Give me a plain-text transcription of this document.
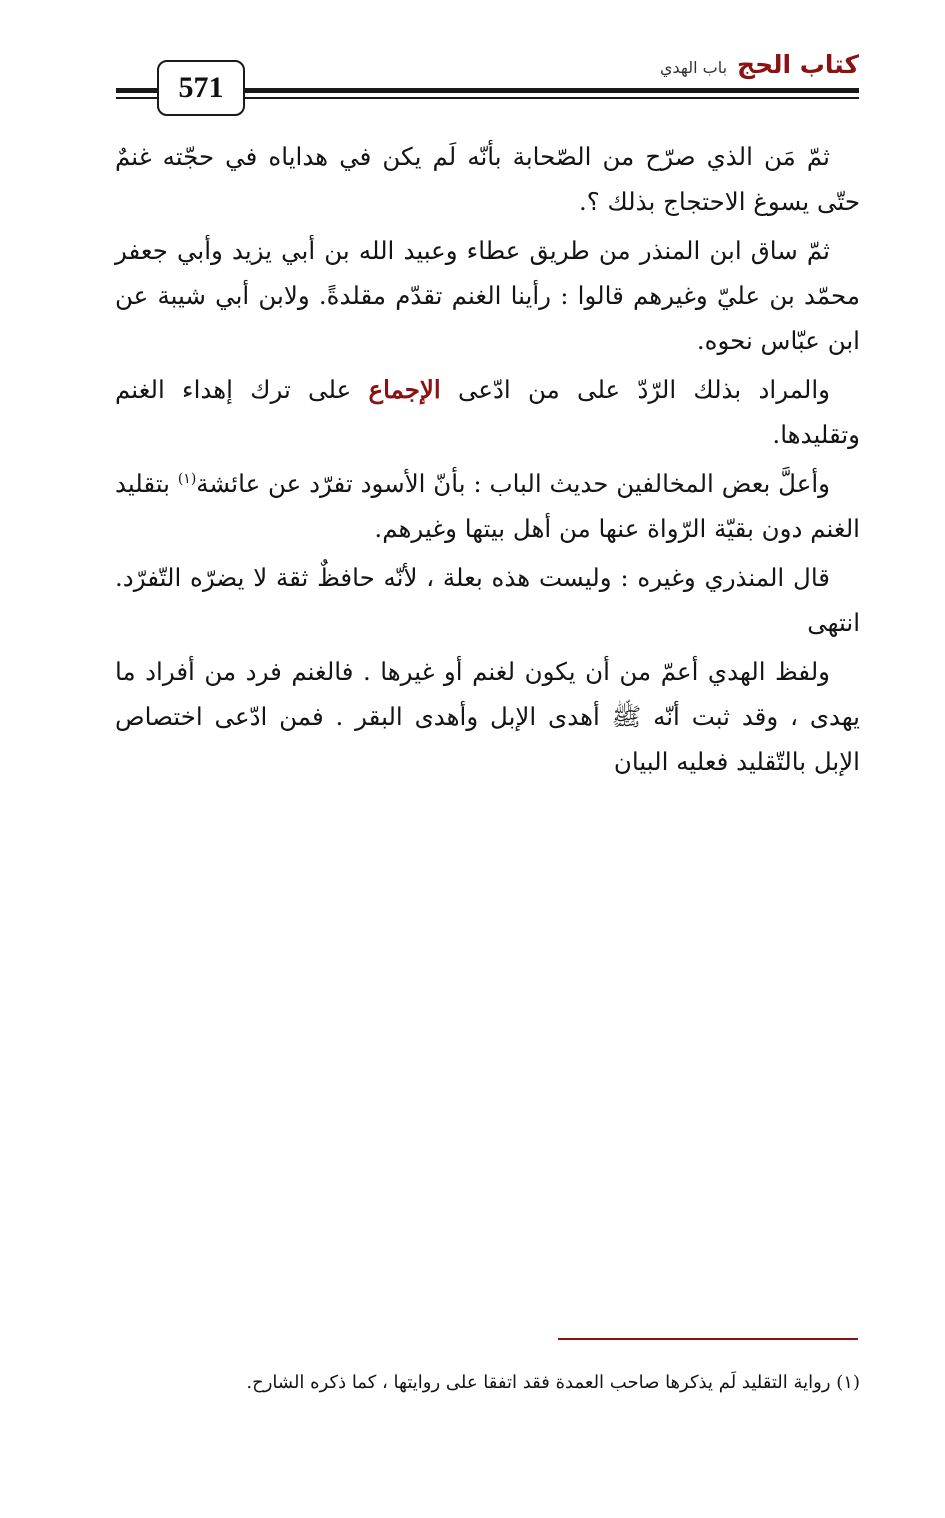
571
كتاب الحج
باب الهدي

ثمّ مَن الذي صرّح من الصّحابة بأنّه لَم يكن في هداياه في حجّته غنمٌ حتّى يسوغ الاحتجاج بذلك ؟.

ثمّ ساق ابن المنذر من طريق عطاء وعبيد الله بن أبي يزيد وأبي جعفر محمّد بن عليّ وغيرهم قالوا : رأينا الغنم تقدّم مقلدةً. ولابن أبي شيبة عن ابن عبّاس نحوه.

والمراد بذلك الرّدّ على من ادّعى الإجماع على ترك إهداء الغنم وتقليدها.

وأعلَّ بعض المخالفين حديث الباب : بأنّ الأسود تفرّد عن عائشة$^{(١)}$ بتقليد الغنم دون بقيّة الرّواة عنها من أهل بيتها وغيرهم.

قال المنذري وغيره : وليست هذه بعلة ، لأنّه حافظٌ ثقة لا يضرّه التّفرّد. انتهى

ولفظ الهدي أعمّ من أن يكون لغنم أو غيرها . فالغنم فرد من أفراد ما يهدى ، وقد ثبت أنّه ﷺ أهدى الإبل وأهدى البقر . فمن ادّعى اختصاص الإبل بالتّقليد فعليه البيان

(١) رواية التقليد لَم يذكرها صاحب العمدة فقد اتفقا على روايتها ، كما ذكره الشارح.
